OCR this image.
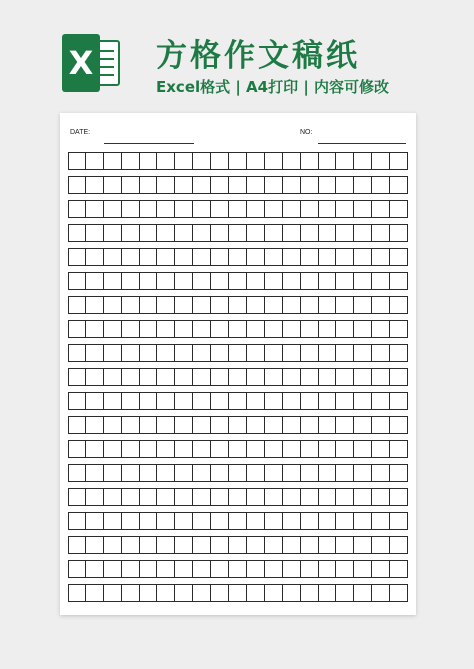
X 方格作文稿纸
Excel格式 | A4打印 | 内容可修改
DATE:	NO:
